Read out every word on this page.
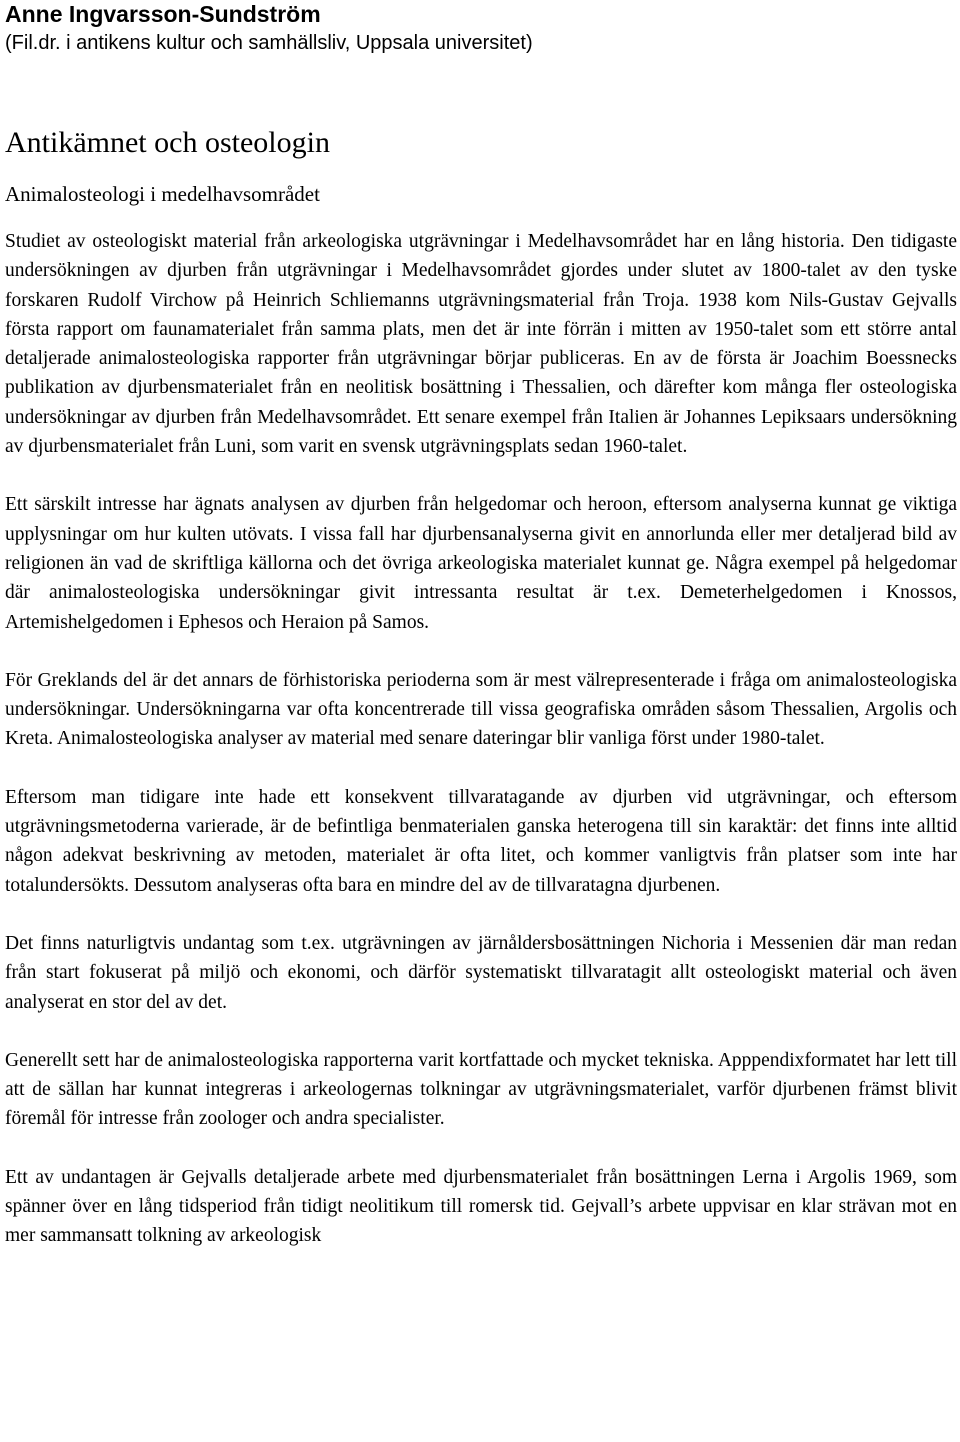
Anne Ingvarsson-Sundström
(Fil.dr. i antikens kultur och samhällsliv, Uppsala universitet)
Antikämnet och osteologin
Animalosteologi i medelhavsområdet

Studiet av osteologiskt material från arkeologiska utgrävningar i Medelhavsområdet har en lång historia. Den tidigaste undersökningen av djurben från utgrävningar i Medelhavsområdet gjordes under slutet av 1800-talet av den tyske forskaren Rudolf Virchow på Heinrich Schliemanns utgrävningsmaterial från Troja. 1938 kom Nils-Gustav Gejvalls första rapport om faunamaterialet från samma plats, men det är inte förrän i mitten av 1950-talet som ett större antal detaljerade animalosteologiska rapporter från utgrävningar börjar publiceras. En av de första är Joachim Boessnecks publikation av djurbensmaterialet från en neolitisk bosättning i Thessalien, och därefter kom många fler osteologiska undersökningar av djurben från Medelhavsområdet. Ett senare exempel från Italien är Johannes Lepiksaars undersökning av djurbensmaterialet från Luni, som varit en svensk utgrävningsplats sedan 1960-talet.

Ett särskilt intresse har ägnats analysen av djurben från helgedomar och heroon, eftersom analyserna kunnat ge viktiga upplysningar om hur kulten utövats. I vissa fall har djurbensanalyserna givit en annorlunda eller mer detaljerad bild av religionen än vad de skriftliga källorna och det övriga arkeologiska materialet kunnat ge. Några exempel på helgedomar där animalosteologiska undersökningar givit intressanta resultat är t.ex. Demeterhelgedomen i Knossos, Artemishelgedomen i Ephesos och Heraion på Samos.

För Greklands del är det annars de förhistoriska perioderna som är mest välrepresenterade i fråga om animalosteologiska undersökningar. Undersökningarna var ofta koncentrerade till vissa geografiska områden såsom Thessalien, Argolis och Kreta. Animalosteologiska analyser av material med senare dateringar blir vanliga först under 1980-talet.

Eftersom man tidigare inte hade ett konsekvent tillvaratagande av djurben vid utgrävningar, och eftersom utgrävningsmetoderna varierade, är de befintliga benmaterialen ganska heterogena till sin karaktär: det finns inte alltid någon adekvat beskrivning av metoden, materialet är ofta litet, och kommer vanligtvis från platser som inte har totalundersökts. Dessutom analyseras ofta bara en mindre del av de tillvaratagna djurbenen.

Det finns naturligtvis undantag som t.ex. utgrävningen av järnåldersbosättningen Nichoria i Messenien där man redan från start fokuserat på miljö och ekonomi, och därför systematiskt tillvaratagit allt osteologiskt material och även analyserat en stor del av det.

Generellt sett har de animalosteologiska rapporterna varit kortfattade och mycket tekniska. Apppendixformatet har lett till att de sällan har kunnat integreras i arkeologernas tolkningar av utgrävningsmaterialet, varför djurbenen främst blivit föremål för intresse från zoologer och andra specialister.

Ett av undantagen är Gejvalls detaljerade arbete med djurbensmaterialet från bosättningen Lerna i Argolis 1969, som spänner över en lång tidsperiod från tidigt neolitikum till romersk tid. Gejvall’s arbete uppvisar en klar strävan mot en mer sammansatt tolkning av arkeologisk
